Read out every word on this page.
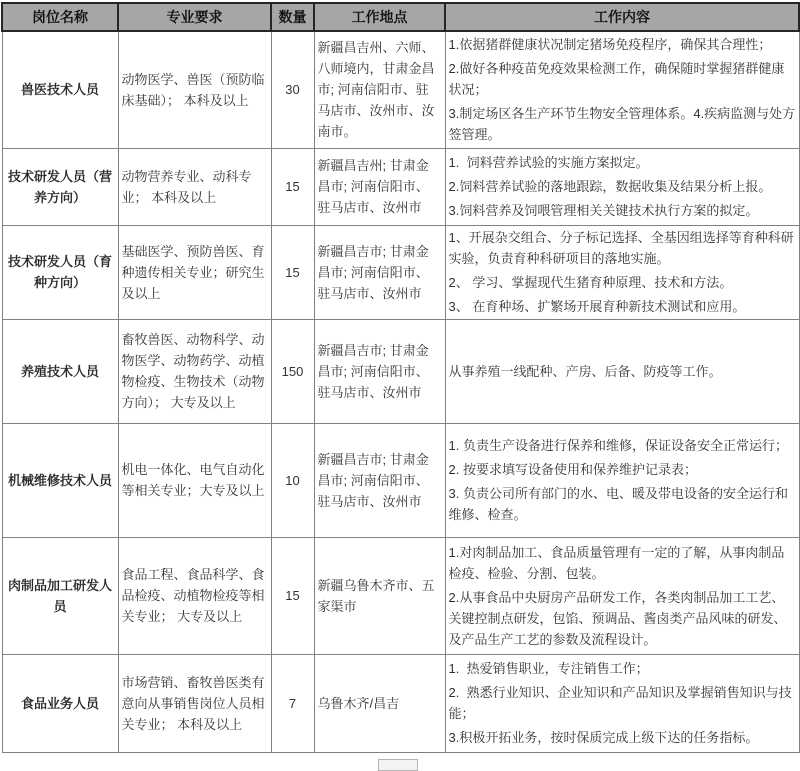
岗位名称	专业要求	数量	工作地点	工作内容
兽医技术人员	动物医学、兽医（预防临床基础）； 本科及以上	30	新疆昌吉州、六师、八师境内，甘肃金昌市; 河南信阳市、驻马店市、汝州市、汝南市。	1.依据猪群健康状况制定猪场免疫程序，确保其合理性；
2.做好各种疫苗免疫效果检测工作，确保随时掌握猪群健康状况；
3.制定场区各生产环节生物安全管理体系。4.疾病监测与处方签管理。

技术研发人员（营养方向）	动物营养专业、动科专业； 本科及以上	15	新疆昌吉州; 甘肃金昌市; 河南信阳市、驻马店市、汝州市	1.  饲料营养试验的实施方案拟定。
2.饲料营养试验的落地跟踪，数据收集及结果分析上报。
3.饲料营养及饲喂管理相关关键技术执行方案的拟定。

技术研发人员（育种方向）	基础医学、预防兽医、育种遗传相关专业；研究生及以上	15	新疆昌吉市; 甘肃金昌市; 河南信阳市、驻马店市、汝州市	1、开展杂交组合、分子标记选择、全基因组选择等育种科研实验，负责育种科研项目的落地实施。
2、 学习、掌握现代生猪育种原理、技术和方法。
3、 在育种场、扩繁场开展育种新技术测试和应用。

养殖技术人员	畜牧兽医、动物科学、动物医学、动物药学、动植物检疫、生物技术（动物方向）； 大专及以上	150	新疆昌吉市; 甘肃金昌市; 河南信阳市、驻马店市、汝州市	从事养殖一线配种、产房、后备、防疫等工作。

机械维修技术人员	机电一体化、电气自动化等相关专业；大专及以上	10	新疆昌吉市; 甘肃金昌市; 河南信阳市、驻马店市、汝州市	1. 负责生产设备进行保养和维修，保证设备安全正常运行；
2. 按要求填写设备使用和保养维护记录表；
3. 负责公司所有部门的水、电、暖及带电设备的安全运行和维修、检查。

肉制品加工研发人员	食品工程、食品科学、食品检疫、动植物检疫等相关专业； 大专及以上	15	新疆乌鲁木齐市、五家渠市	1.对肉制品加工、食品质量管理有一定的了解，从事肉制品检疫、检验、分割、包装。
2.从事食品中央厨房产品研发工作，各类肉制品加工工艺、关键控制点研发，包馅、预调品、酱卤类产品风味的研发、及产品生产工艺的参数及流程设计。

食品业务人员	市场营销、畜牧兽医类有意向从事销售岗位人员相关专业； 本科及以上	7	乌鲁木齐/昌吉	1.  热爱销售职业，专注销售工作；
2.  熟悉行业知识、企业知识和产品知识及掌握销售知识与技能；
3.积极开拓业务，按时保质完成上级下达的任务指标。
